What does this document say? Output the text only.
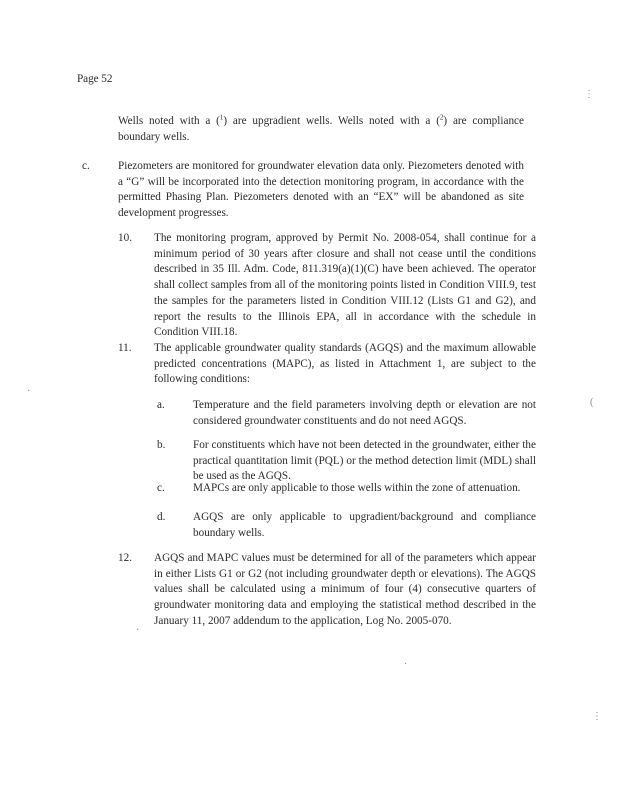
Page 52
Wells noted with a ($^1$) are upgradient wells. Wells noted with a ($^2$) are compliance boundary wells.
c.	Piezometers are monitored for groundwater elevation data only. Piezometers denoted with a “G” will be incorporated into the detection monitoring program, in accordance with the permitted Phasing Plan. Piezometers denoted with an “EX” will be abandoned as site development progresses.
10. The monitoring program, approved by Permit No. 2008-054, shall continue for a minimum period of 30 years after closure and shall not cease until the conditions described in 35 Ill. Adm. Code, 811.319(a)(1)(C) have been achieved. The operator shall collect samples from all of the monitoring points listed in Condition VIII.9, test the samples for the parameters listed in Condition VIII.12 (Lists G1 and G2), and report the results to the Illinois EPA, all in accordance with the schedule in Condition VIII.18.
11. The applicable groundwater quality standards (AGQS) and the maximum allowable predicted concentrations (MAPC), as listed in Attachment 1, are subject to the following conditions:
a.	Temperature and the field parameters involving depth or elevation are not considered groundwater constituents and do not need AGQS.
b. For constituents which have not been detected in the groundwater, either the practical quantitation limit (PQL) or the method detection limit (MDL) shall be used as the AGQS.
c.	MAPCs are only applicable to those wells within the zone of attenuation.
d. AGQS are only applicable to upgradient/background and compliance boundary wells.
12. AGQS and MAPC values must be determined for all of the parameters which appear in either Lists G1 or G2 (not including groundwater depth or elevations). The AGQS values shall be calculated using a minimum of four (4) consecutive quarters of groundwater monitoring data and employing the statistical method described in the January 11, 2007 addendum to the application, Log No. 2005-070.
⋮
(
·
·
·
⋮
